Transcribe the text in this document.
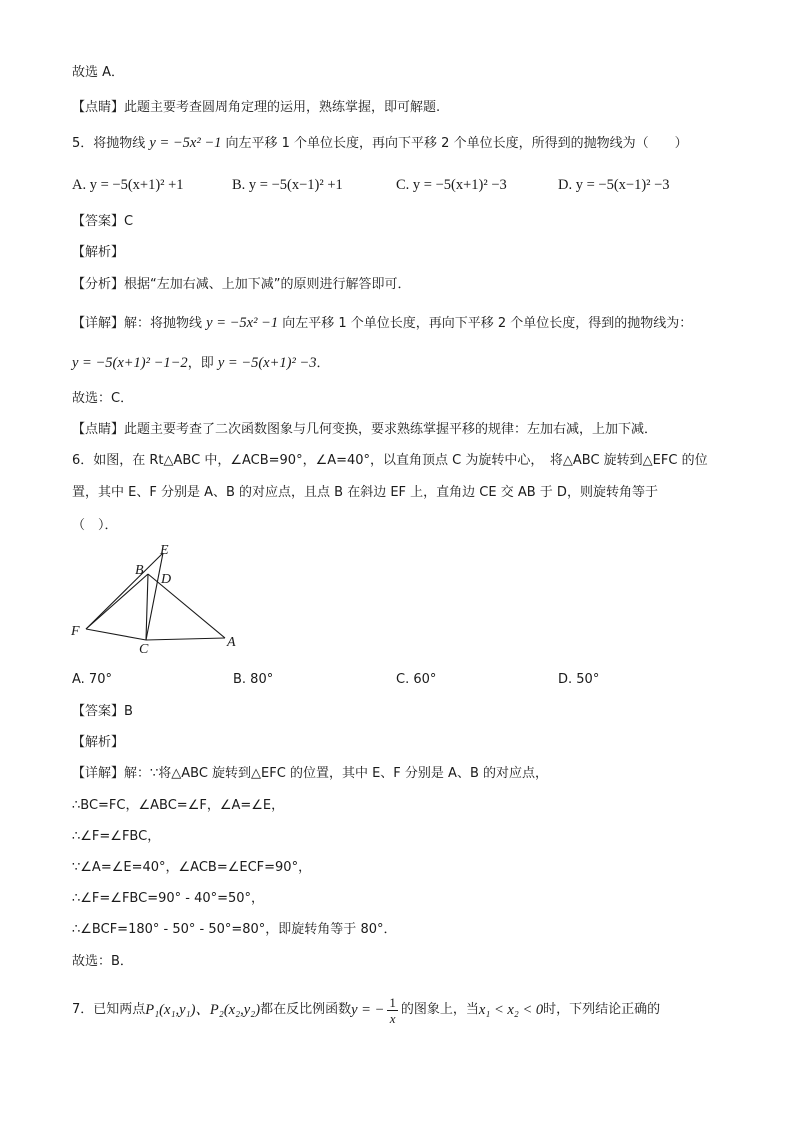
故选 A．
【点睛】此题主要考查圆周角定理的运用，熟练掌握，即可解题.
5．将抛物线 y = −5x² −1 向左平移 1 个单位长度，再向下平移 2 个单位长度，所得到的抛物线为（　　）
A. y = −5(x+1)² +1	B. y = −5(x−1)² +1	C. y = −5(x+1)² −3	D. y = −5(x−1)² −3
【答案】C
【解析】
【分析】根据“左加右减、上加下减”的原则进行解答即可．
【详解】解：将抛物线 y = −5x² −1 向左平移 1 个单位长度，再向下平移 2 个单位长度，得到的抛物线为：
y = −5(x+1)² −1−2，即 y = −5(x+1)² −3．
故选：C．
【点睛】此题主要考查了二次函数图象与几何变换，要求熟练掌握平移的规律：左加右减，上加下减．
6．如图，在 Rt△ABC 中，∠ACB=90°，∠A=40°，以直角顶点 C 为旋转中心，　将△ABC 旋转到△EFC 的位
置，其中 E、F 分别是 A、B 的对应点，且点 B 在斜边 EF 上，直角边 CE 交 AB 于 D，则旋转角等于
（　）．
E
B
D
F
C	A
A. 70°	B. 80°	C. 60°	D. 50°
【答案】B
【解析】
【详解】解：∵将△ABC 旋转到△EFC 的位置，其中 E、F 分别是 A、B 的对应点，
∴BC=FC，∠ABC=∠F，∠A=∠E，
∴∠F=∠FBC，
∵∠A=∠E=40°，∠ACB=∠ECF=90°，
∴∠F=∠FBC=90° - 40°=50°，
∴∠BCF=180° - 50° - 50°=80°，即旋转角等于 80°．
故选：B．
7．已知两点 P₁(x₁,y₁)、P₂(x₂,y₂) 都在反比例函数 y = − $\frac{1}{x}$ 的图象上，当 x₁ < x₂ < 0 时，下列结论正确的
